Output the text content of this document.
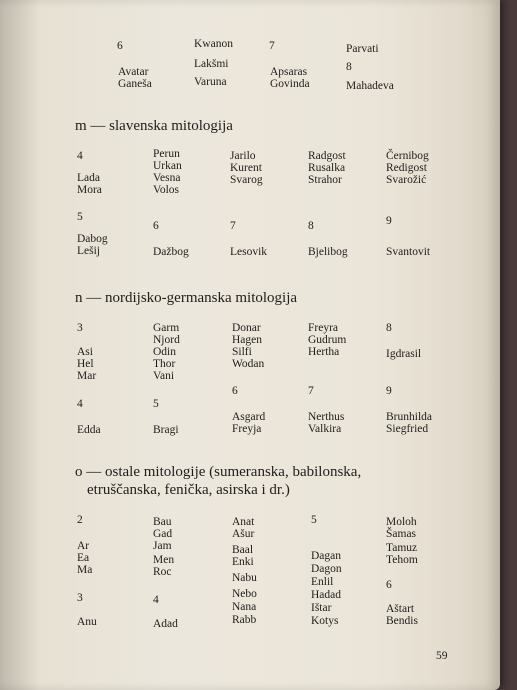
6
Avatar
Ganeša
Kwanon
Lakšmi
Varuna
7
Apsaras
Govinda
Parvati
8
Mahadeva
m — slavenska mitologija
4
Lada
Mora
Perun
Urkan
Vesna
Volos
Jarilo
Kurent
Svarog
Radgost
Rusalka
Strahor
Černibog
Redigost
Svarožić
5
Dabog
Lešij
6
Dažbog
7
Lesovik
8
Bjelibog
9
Svantovit
n — nordijsko-germanska mitologija
3
Asi
Hel
Mar
Garm
Njord
Odin
Thor
Vani
Donar
Hagen
Silfi
Wodan
Freyra
Gudrum
Hertha
8
Igdrasil
4
Edda
5
Bragi
6
Asgard
Freyja
7
Nerthus
Valkira
9
Brunhilda
Siegfried
o — ostale mitologije (sumeranska, babilonska,
etruščanska, fenička, asirska i dr.)
2
Ar
Ea
Ma
3
Anu
Bau
Gad
Jam
Men
Roc
4
Adad
Anat
Ašur
Baal
Enki
Nabu
Nebo
Nana
Rabb
5
Dagan
Dagon
Enlil
Hadad
Ištar
Kotys
Moloh
Šamas
Tamuz
Tehom
6
Aštart
Bendis
59
